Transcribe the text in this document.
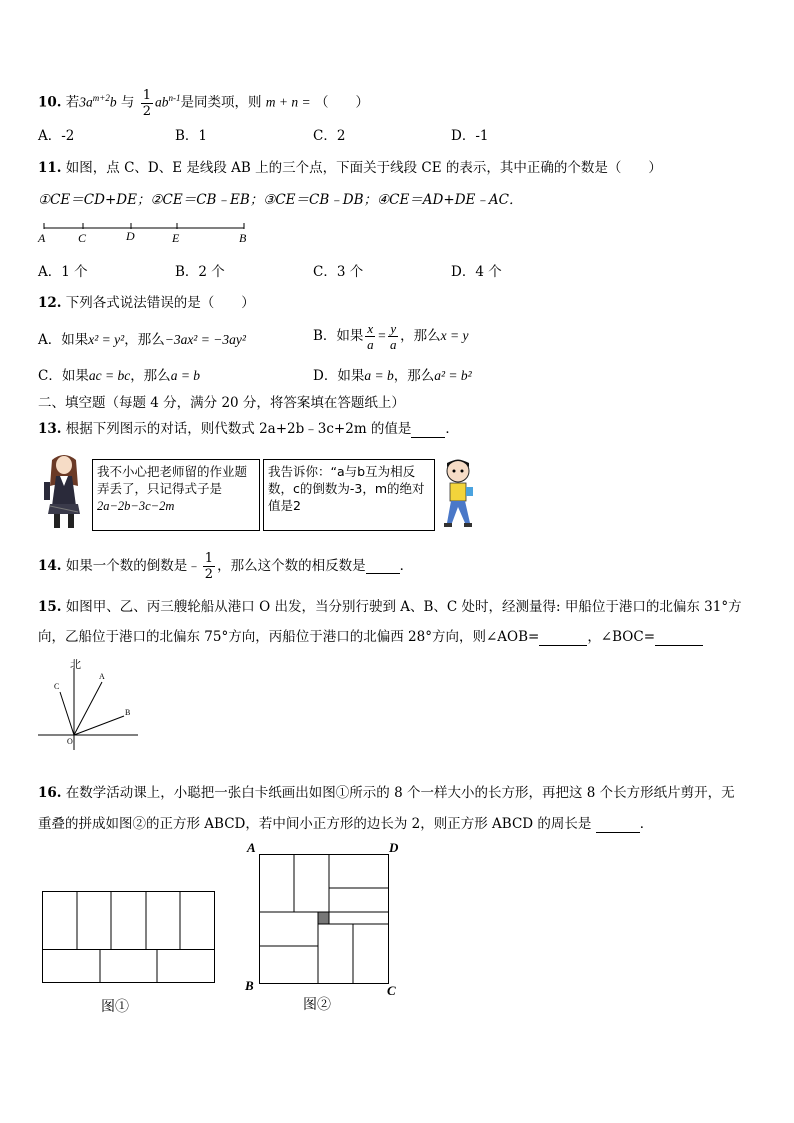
10. 若$3a^{m+2}b$ 与 $\frac{1}{2} ab^{n-1}$是同类项，则 m + n = （　　）
A．-2	B．1	C．2	D．-1
11. 如图，点 C、D、E 是线段 AB 上的三个点，下面关于线段 CE 的表示，其中正确的个数是（　　）
①CE＝CD+DE；②CE＝CB﹣EB；③CE＝CB﹣DB；④CE＝AD+DE﹣AC．
A	C	D	E	B
A．1 个	B．2 个	C．3 个	D．4 个
12. 下列各式说法错误的是（　　）
A．如果x² = y²，那么−3ax² = −3ay²	B．如果 $\frac{x}{a} = \frac{y}{a}$ ，那么x = y
C．如果ac = bc，那么a = b	D．如果a = b，那么a² = b²
二、填空题（每题 4 分，满分 20 分，将答案填在答题纸上）
13. 根据下列图示的对话，则代数式 2a+2b﹣3c+2m 的值是	．
我不小心把老师留的作业题弄丢了，只记得式子是
2a−2b−3c−2m
我告诉你：“a与b互为相反数，c的倒数为-3，m的绝对值是2
14. 如果一个数的倒数是﹣ $\frac{1}{2}$ ，那么这个数的相反数是	．
15. 如图甲、乙、丙三艘轮船从港口 O 出发，当分别行驶到 A、B、C 处时，经测量得: 甲船位于港口的北偏东 31°方
向，乙船位于港口的北偏东 75°方向，丙船位于港口的北偏西 28°方向，则∠AOB=	，∠BOC=
北
A
B
C
O
16. 在数学活动课上，小聪把一张白卡纸画出如图①所示的 8 个一样大小的长方形，再把这 8 个长方形纸片剪开，无
重叠的拼成如图②的正方形 ABCD，若中间小正方形的边长为 2，则正方形 ABCD 的周长是	．
图①
A	D
B	C
图②
